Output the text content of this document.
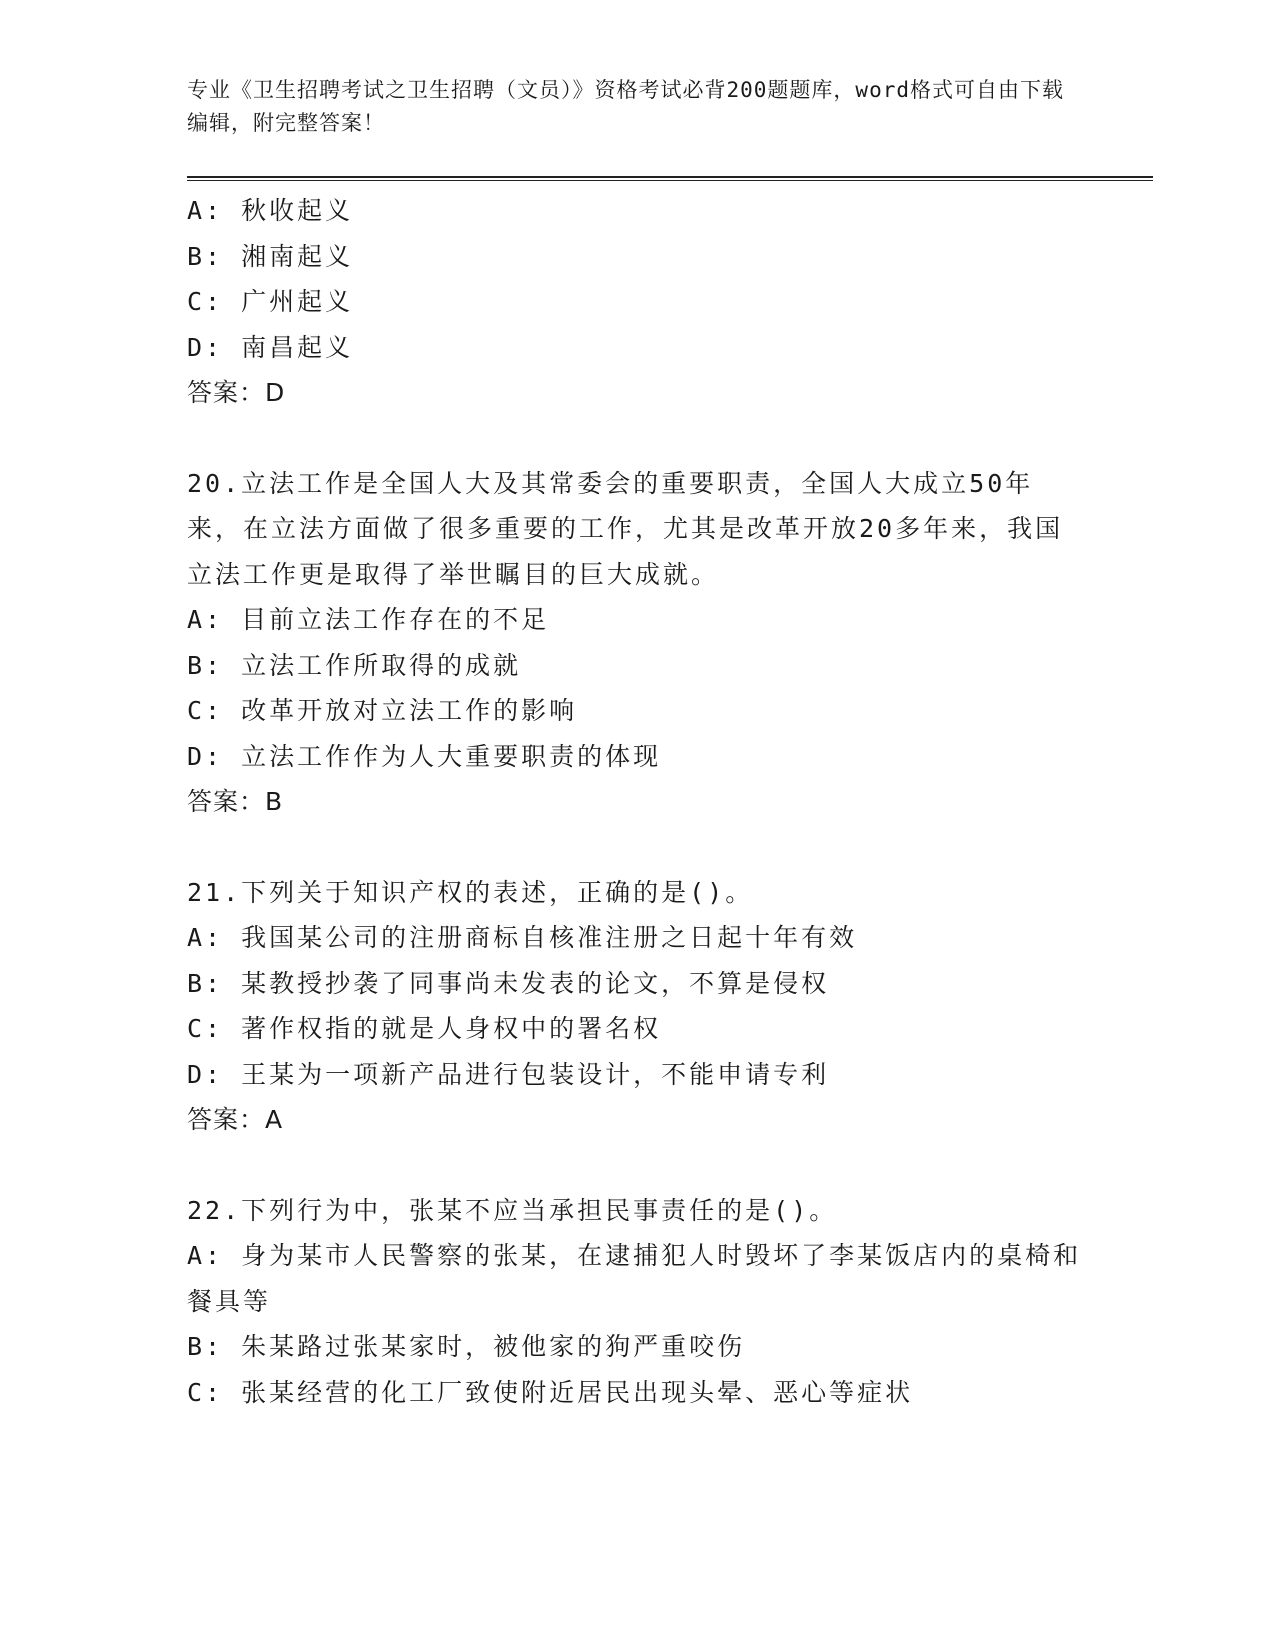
专业《卫生招聘考试之卫生招聘（文员）》资格考试必背200题题库，word格式可自由下载编辑，附完整答案！

A: 秋收起义

B: 湘南起义

C: 广州起义

D: 南昌起义

答案：D

20.立法工作是全国人大及其常委会的重要职责，全国人大成立50年来，在立法方面做了很多重要的工作，尤其是改革开放20多年来，我国立法工作更是取得了举世瞩目的巨大成就。

A: 目前立法工作存在的不足

B: 立法工作所取得的成就

C: 改革开放对立法工作的影响

D: 立法工作作为人大重要职责的体现

答案：B

21.下列关于知识产权的表述，正确的是()。

A: 我国某公司的注册商标自核准注册之日起十年有效

B: 某教授抄袭了同事尚未发表的论文，不算是侵权

C: 著作权指的就是人身权中的署名权

D: 王某为一项新产品进行包装设计，不能申请专利

答案：A

22.下列行为中，张某不应当承担民事责任的是()。

A: 身为某市人民警察的张某，在逮捕犯人时毁坏了李某饭店内的桌椅和餐具等

B: 朱某路过张某家时，被他家的狗严重咬伤

C: 张某经营的化工厂致使附近居民出现头晕、恶心等症状
